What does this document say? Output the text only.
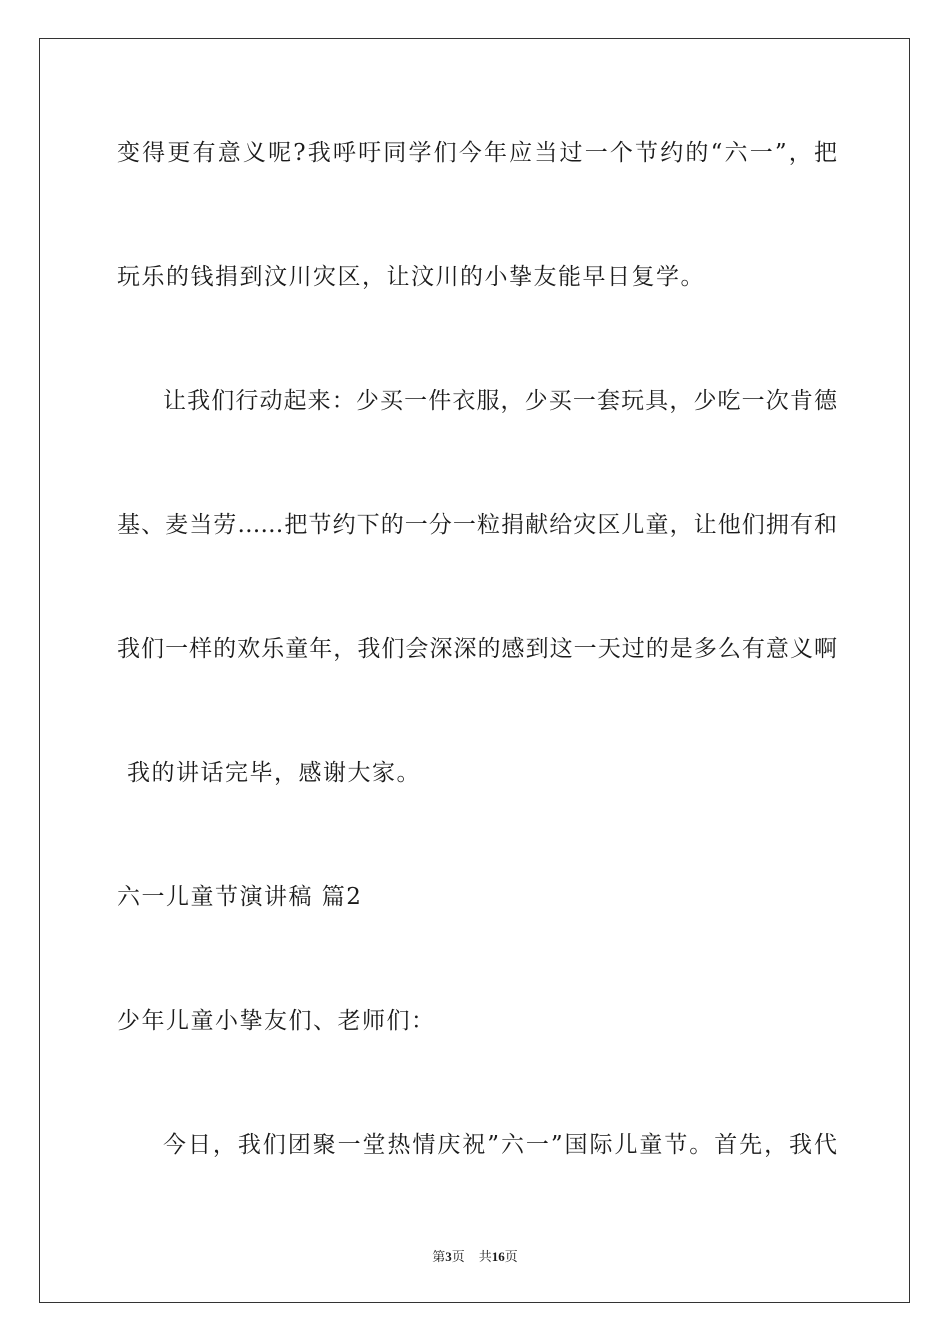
变得更有意义呢?我呼吁同学们今年应当过一个节约的“六一”，把
玩乐的钱捐到汶川灾区，让汶川的小挚友能早日复学。
让我们行动起来：少买一件衣服，少买一套玩具，少吃一次肯德
基、麦当劳……把节约下的一分一粒捐献给灾区儿童，让他们拥有和
我们一样的欢乐童年，我们会深深的感到这一天过的是多么有意义啊
我的讲话完毕，感谢大家。
六一儿童节演讲稿 篇2
少年儿童小挚友们、老师们：
今日，我们团聚一堂热情庆祝”六一”国际儿童节。首先，我代
第3页 共16页
